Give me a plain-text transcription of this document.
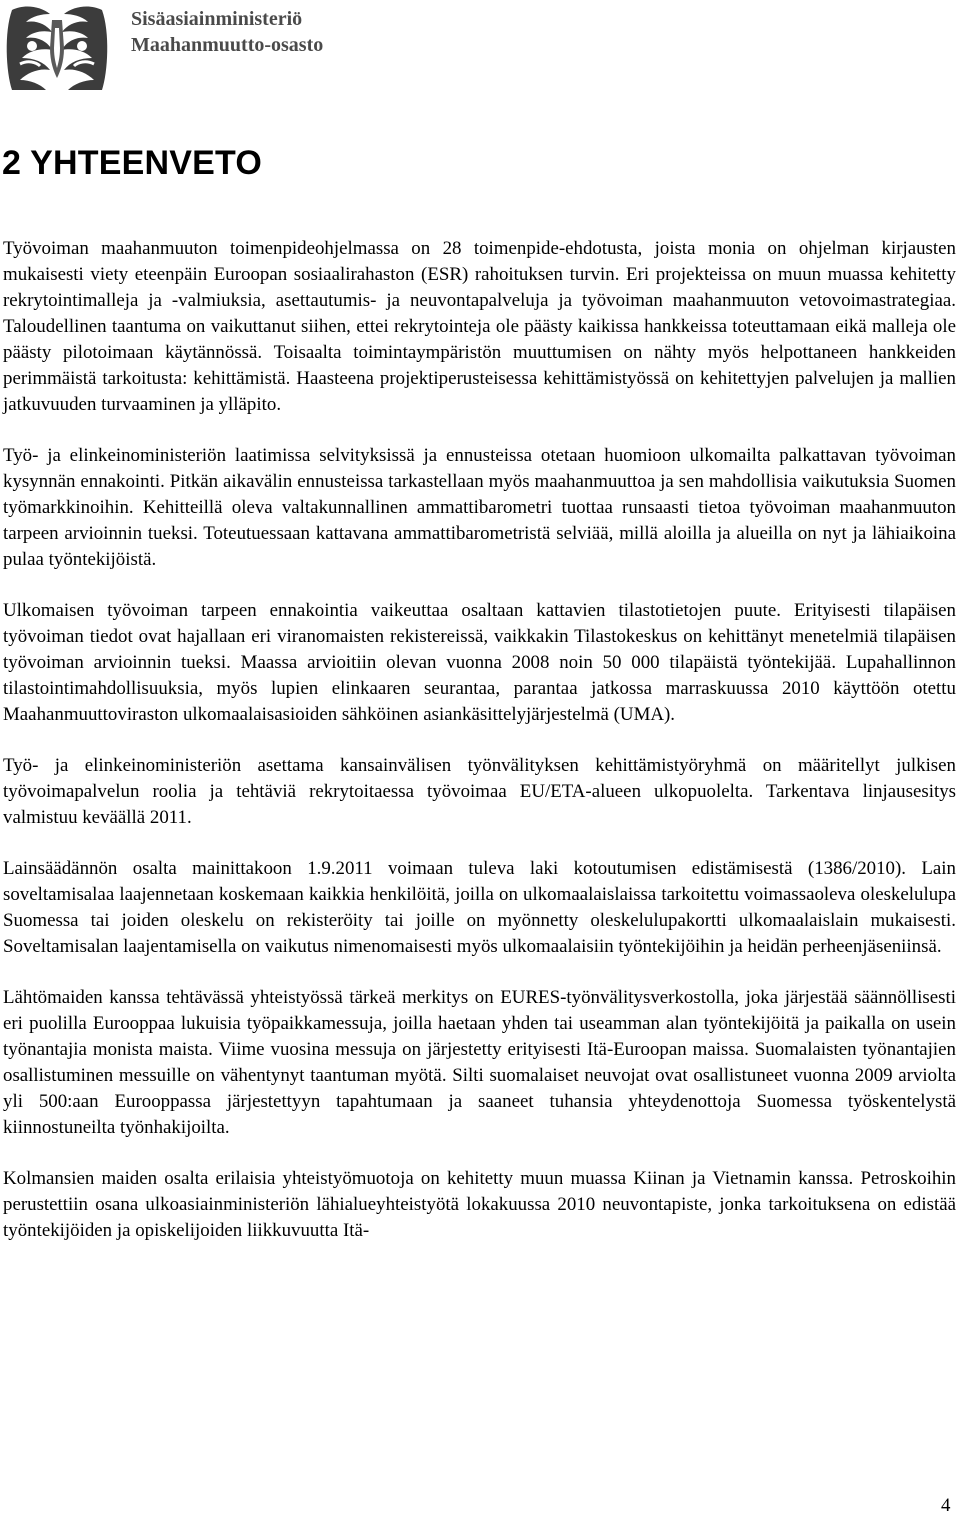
Sisäasiainministeriö
Maahanmuutto-osasto
2 YHTEENVETO

Työvoiman maahanmuuton toimenpideohjelmassa on 28 toimenpide-ehdotusta, joista monia on ohjelman kirjausten mukaisesti viety eteenpäin Euroopan sosiaalirahaston (ESR) rahoituksen turvin. Eri projekteissa on muun muassa kehitetty rekrytointimalleja ja -valmiuksia, asettautumis- ja neuvontapalveluja ja työvoiman maahanmuuton vetovoimastrategiaa. Taloudellinen taantuma on vaikuttanut siihen, ettei rekrytointeja ole päästy kaikissa hankkeissa toteuttamaan eikä malleja ole päästy pilotoimaan käytännössä. Toisaalta toimintaympäristön muuttumisen on nähty myös helpottaneen hankkeiden perimmäistä tarkoitusta: kehittämistä. Haasteena projektiperusteisessa kehittämistyössä on kehitettyjen palvelujen ja mallien jatkuvuuden turvaaminen ja ylläpito.

Työ- ja elinkeinoministeriön laatimissa selvityksissä ja ennusteissa otetaan huomioon ulkomailta palkattavan työvoiman kysynnän ennakointi. Pitkän aikavälin ennusteissa tarkastellaan myös maahanmuuttoa ja sen mahdollisia vaikutuksia Suomen työmarkkinoihin. Kehitteillä oleva valtakunnallinen ammattibarometri tuottaa runsaasti tietoa työvoiman maahanmuuton tarpeen arvioinnin tueksi. Toteutuessaan kattavana ammattibarometristä selviää, millä aloilla ja alueilla on nyt ja lähiaikoina pulaa työntekijöistä.

Ulkomaisen työvoiman tarpeen ennakointia vaikeuttaa osaltaan kattavien tilastotietojen puute. Erityisesti tilapäisen työvoiman tiedot ovat hajallaan eri viranomaisten rekistereissä, vaikkakin Tilastokeskus on kehittänyt menetelmiä tilapäisen työvoiman arvioinnin tueksi. Maassa arvioitiin olevan vuonna 2008 noin 50 000 tilapäistä työntekijää. Lupahallinnon tilastointimahdollisuuksia, myös lupien elinkaaren seurantaa, parantaa jatkossa marraskuussa 2010 käyttöön otettu Maahanmuuttoviraston ulkomaalaisasioiden sähköinen asiankäsittelyjärjestelmä (UMA).

Työ- ja elinkeinoministeriön asettama kansainvälisen työnvälityksen kehittämistyöryhmä on määritellyt julkisen työvoimapalvelun roolia ja tehtäviä rekrytoitaessa työvoimaa EU/ETA-alueen ulkopuolelta. Tarkentava linjausesitys valmistuu keväällä 2011.

Lainsäädännön osalta mainittakoon 1.9.2011 voimaan tuleva laki kotoutumisen edistämisestä (1386/2010). Lain soveltamisalaa laajennetaan koskemaan kaikkia henkilöitä, joilla on ulkomaalaislaissa tarkoitettu voimassaoleva oleskelulupa Suomessa tai joiden oleskelu on rekisteröity tai joille on myönnetty oleskelulupakortti ulkomaalaislain mukaisesti. Soveltamisalan laajentamisella on vaikutus nimenomaisesti myös ulkomaalaisiin työntekijöihin ja heidän perheenjäseniinsä.

Lähtömaiden kanssa tehtävässä yhteistyössä tärkeä merkitys on EURES-työnvälitysverkostolla, joka järjestää säännöllisesti eri puolilla Eurooppaa lukuisia työpaikkamessuja, joilla haetaan yhden tai useamman alan työntekijöitä ja paikalla on usein työnantajia monista maista. Viime vuosina messuja on järjestetty erityisesti Itä-Euroopan maissa. Suomalaisten työnantajien osallistuminen messuille on vähentynyt taantuman myötä. Silti suomalaiset neuvojat ovat osallistuneet vuonna 2009 arviolta yli 500:aan Eurooppassa järjestettyyn tapahtumaan ja saaneet tuhansia yhteydenottoja Suomessa työskentelystä kiinnostuneilta työnhakijoilta.

Kolmansien maiden osalta erilaisia yhteistyömuotoja on kehitetty muun muassa Kiinan ja Vietnamin kanssa. Petroskoihin perustettiin osana ulkoasiainministeriön lähialueyhteistyötä lokakuussa 2010 neuvontapiste, jonka tarkoituksena on edistää työntekijöiden ja opiskelijoiden liikkuvuutta Itä-

4
